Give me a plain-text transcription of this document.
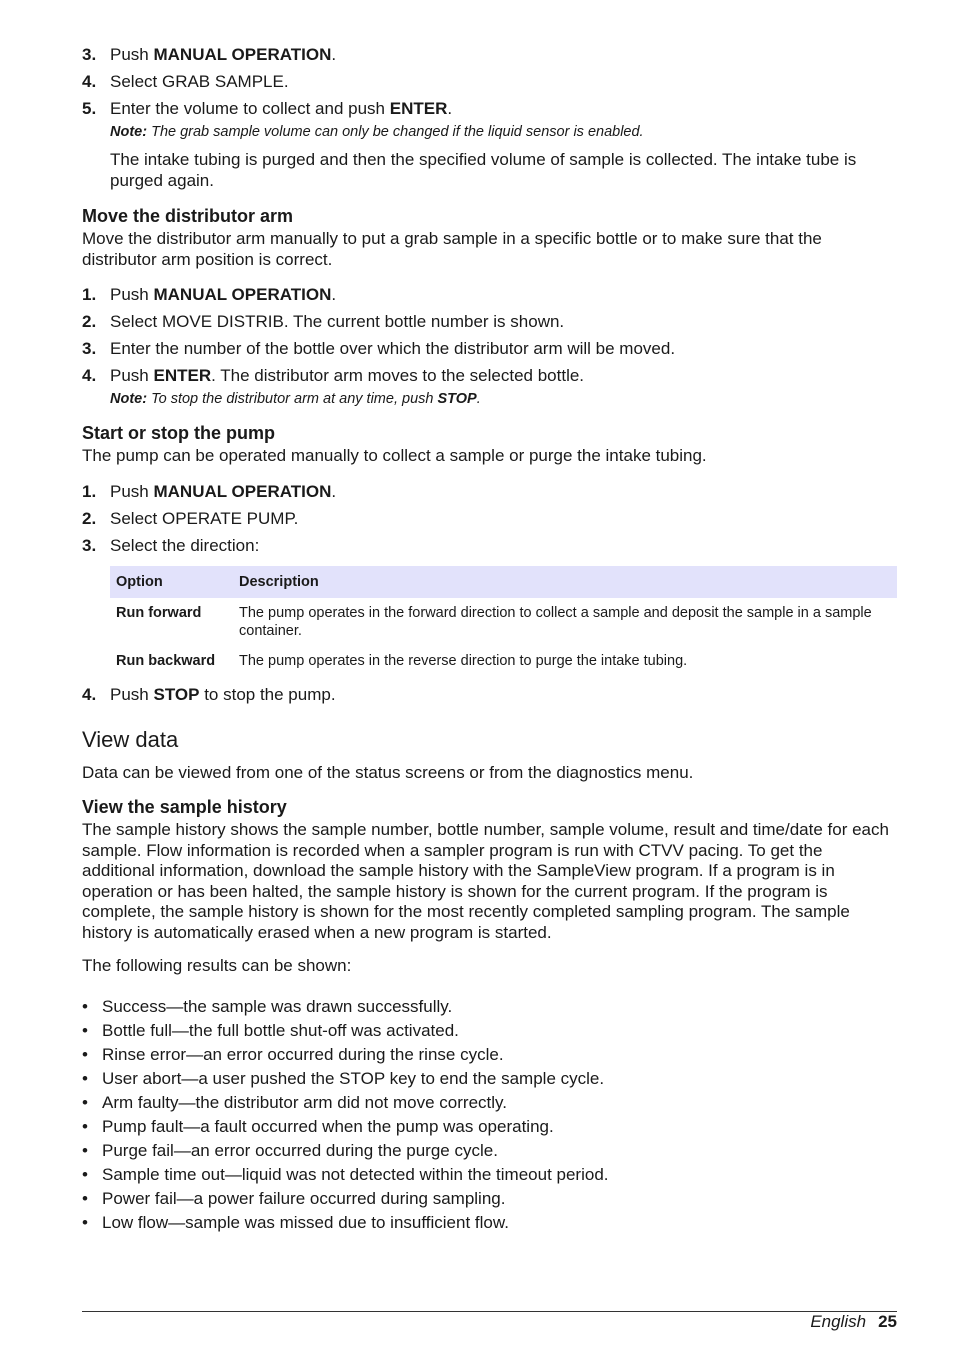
3. Push MANUAL OPERATION.
4. Select GRAB SAMPLE.
5. Enter the volume to collect and push ENTER.
Note: The grab sample volume can only be changed if the liquid sensor is enabled.
The intake tubing is purged and then the specified volume of sample is collected. The intake tube is purged again.
Move the distributor arm

Move the distributor arm manually to put a grab sample in a specific bottle or to make sure that the distributor arm position is correct.

1. Push MANUAL OPERATION.
2. Select MOVE DISTRIB. The current bottle number is shown.
3. Enter the number of the bottle over which the distributor arm will be moved.
4. Push ENTER. The distributor arm moves to the selected bottle.
Note: To stop the distributor arm at any time, push STOP.
Start or stop the pump

The pump can be operated manually to collect a sample or purge the intake tubing.

1. Push MANUAL OPERATION.
2. Select OPERATE PUMP.
3. Select the direction:
Option	Description
Run forward	The pump operates in the forward direction to collect a sample and deposit the sample in a sample container.
Run backward	The pump operates in the reverse direction to purge the intake tubing.
4. Push STOP to stop the pump.
View data

Data can be viewed from one of the status screens or from the diagnostics menu.

View the sample history

The sample history shows the sample number, bottle number, sample volume, result and time/date for each sample. Flow information is recorded when a sampler program is run with CTVV pacing. To get the additional information, download the sample history with the SampleView program. If a program is in operation or has been halted, the sample history is shown for the current program. If the program is complete, the sample history is shown for the most recently completed sampling program. The sample history is automatically erased when a new program is started.

The following results can be shown:

• Success—the sample was drawn successfully.
• Bottle full—the full bottle shut-off was activated.
• Rinse error—an error occurred during the rinse cycle.
• User abort—a user pushed the STOP key to end the sample cycle.
• Arm faulty—the distributor arm did not move correctly.
• Pump fault—a fault occurred when the pump was operating.
• Purge fail—an error occurred during the purge cycle.
• Sample time out—liquid was not detected within the timeout period.
• Power fail—a power failure occurred during sampling.
• Low flow—sample was missed due to insufficient flow.
English 25
